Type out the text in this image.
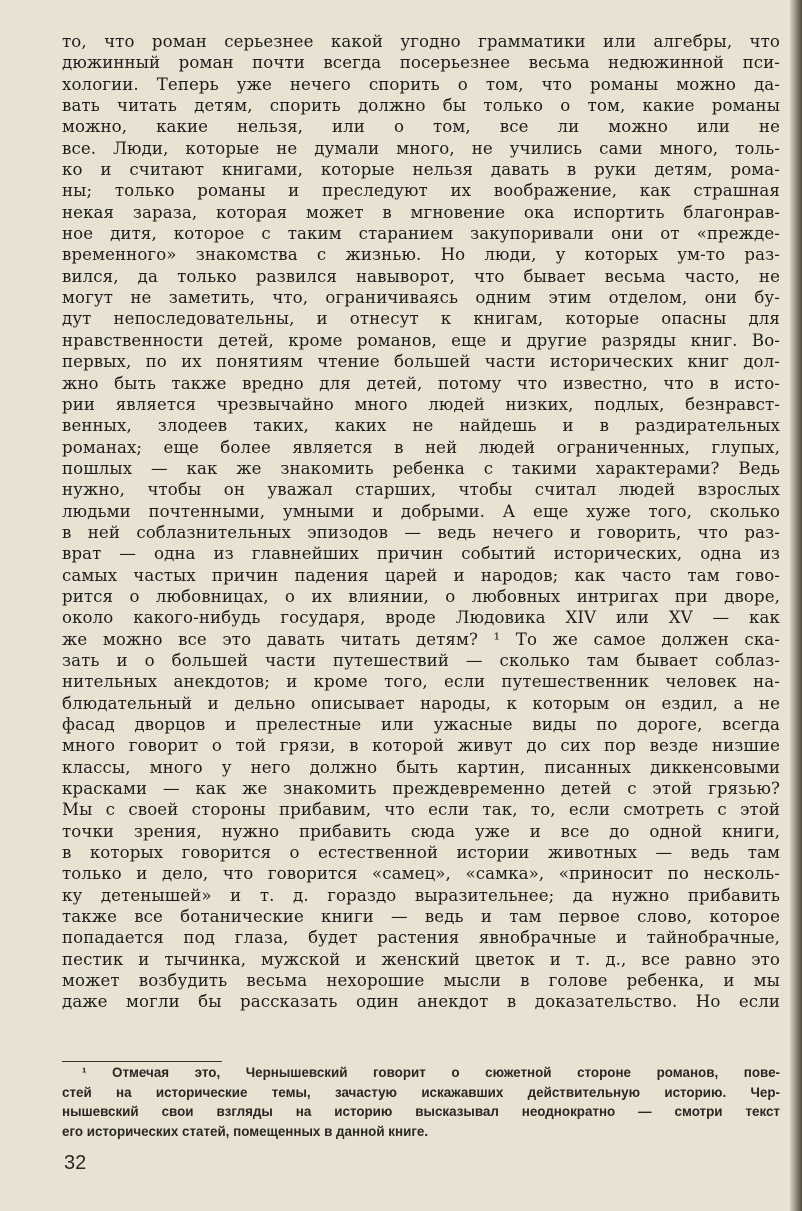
то, что роман серьезнее какой угодно грамматики или алгебры, что
дюжинный роман почти всегда посерьезнее весьма недюжинной пси-
хологии. Теперь уже нечего спорить о том, что романы можно да-
вать читать детям, спорить должно бы только о том, какие романы
можно, какие нельзя, или о том, все ли можно или не
все. Люди, которые не думали много, не учились сами много, толь-
ко и считают книгами, которые нельзя давать в руки детям, рома-
ны; только романы и преследуют их воображение, как страшная
некая зараза, которая может в мгновение ока испортить благонрав-
ное дитя, которое с таким старанием закупоривали они от «прежде-
временного» знакомства с жизнью. Но люди, у которых ум-то раз-
вился, да только развился навыворот, что бывает весьма часто, не
могут не заметить, что, ограничиваясь одним этим отделом, они бу-
дут непоследовательны, и отнесут к книгам, которые опасны для
нравственности детей, кроме романов, еще и другие разряды книг. Во-
первых, по их понятиям чтение большей части исторических книг дол-
жно быть также вредно для детей, потому что известно, что в исто-
рии является чрезвычайно много людей низких, подлых, безнравст-
венных, злодеев таких, каких не найдешь и в раздирательных
романах; еще более является в ней людей ограниченных, глупых,
пошлых — как же знакомить ребенка с такими характерами? Ведь
нужно, чтобы он уважал старших, чтобы считал людей взрослых
людьми почтенными, умными и добрыми. А еще хуже того, сколько
в ней соблазнительных эпизодов — ведь нечего и говорить, что раз-
врат — одна из главнейших причин событий исторических, одна из
самых частых причин падения царей и народов; как часто там гово-
рится о любовницах, о их влиянии, о любовных интригах при дворе,
около какого-нибудь государя, вроде Людовика XIV или XV — как
же можно все это давать читать детям? ¹ То же самое должен ска-
зать и о большей части путешествий — сколько там бывает соблаз-
нительных анекдотов; и кроме того, если путешественник человек на-
блюдательный и дельно описывает народы, к которым он ездил, а не
фасад дворцов и прелестные или ужасные виды по дороге, всегда
много говорит о той грязи, в которой живут до сих пор везде низшие
классы, много у него должно быть картин, писанных диккенсовыми
красками — как же знакомить преждевременно детей с этой грязью?
Мы с своей стороны прибавим, что если так, то, если смотреть с этой
точки зрения, нужно прибавить сюда уже и все до одной книги,
в которых говорится о естественной истории животных — ведь там
только и дело, что говорится «самец», «самка», «приносит по несколь-
ку детенышей» и т. д. гораздо выразительнее; да нужно прибавить
также все ботанические книги — ведь и там первое слово, которое
попадается под глаза, будет растения явнобрачные и тайнобрачные,
пестик и тычинка, мужской и женский цветок и т. д., все равно это
может возбудить весьма нехорошие мысли в голове ребенка, и мы
даже могли бы рассказать один анекдот в доказательство. Но если
¹ Отмечая это, Чернышевский говорит о сюжетной стороне романов, пове-
стей на исторические темы, зачастую искажавших действительную историю. Чер-
нышевский свои взгляды на историю высказывал неоднократно — смотри текст
его исторических статей, помещенных в данной книге.
32
